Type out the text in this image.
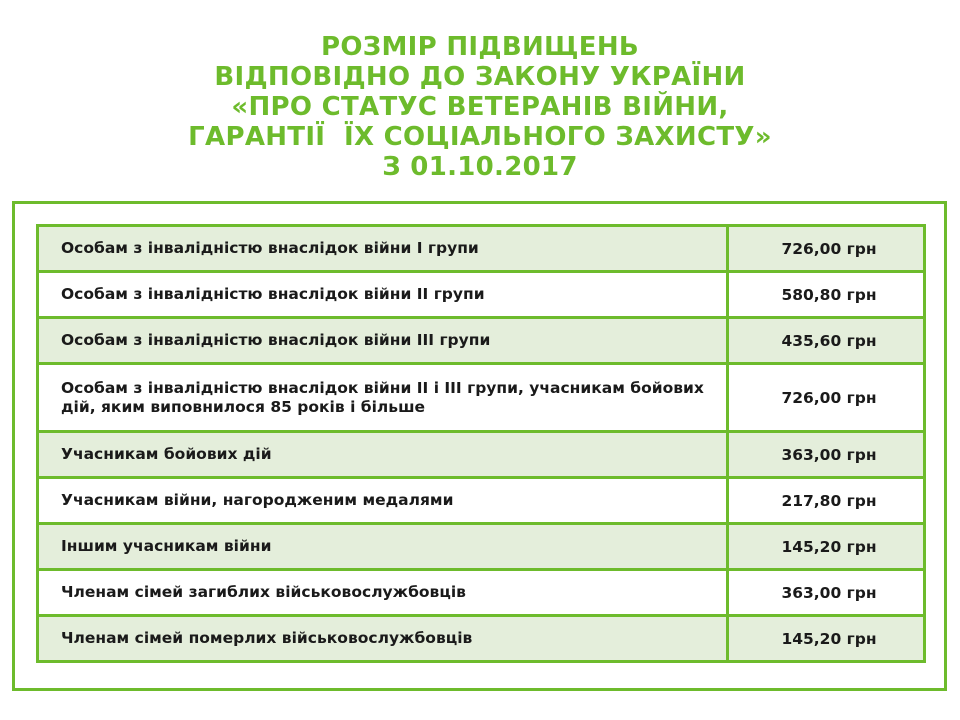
РОЗМІР ПІДВИЩЕНЬ
ВІДПОВІДНО ДО ЗАКОНУ УКРАЇНИ
«ПРО СТАТУС ВЕТЕРАНІВ ВІЙНИ,
ГАРАНТІЇ  ЇХ СОЦІАЛЬНОГО ЗАХИСТУ»
З 01.10.2017
Особам з інвалідністю внаслідок війни І групи	726,00 грн
Особам з інвалідністю внаслідок війни ІІ групи	580,80 грн
Особам з інвалідністю внаслідок війни ІІІ групи	435,60 грн
Особам з інвалідністю внаслідок війни ІІ і ІІІ групи, учасникам бойових дій, яким виповнилося 85 років і більше	726,00 грн
Учасникам бойових дій	363,00 грн
Учасникам війни, нагородженим медалями	217,80 грн
Іншим учасникам війни	145,20 грн
Членам сімей загиблих військовослужбовців	363,00 грн
Членам сімей померлих військовослужбовців	145,20 грн
